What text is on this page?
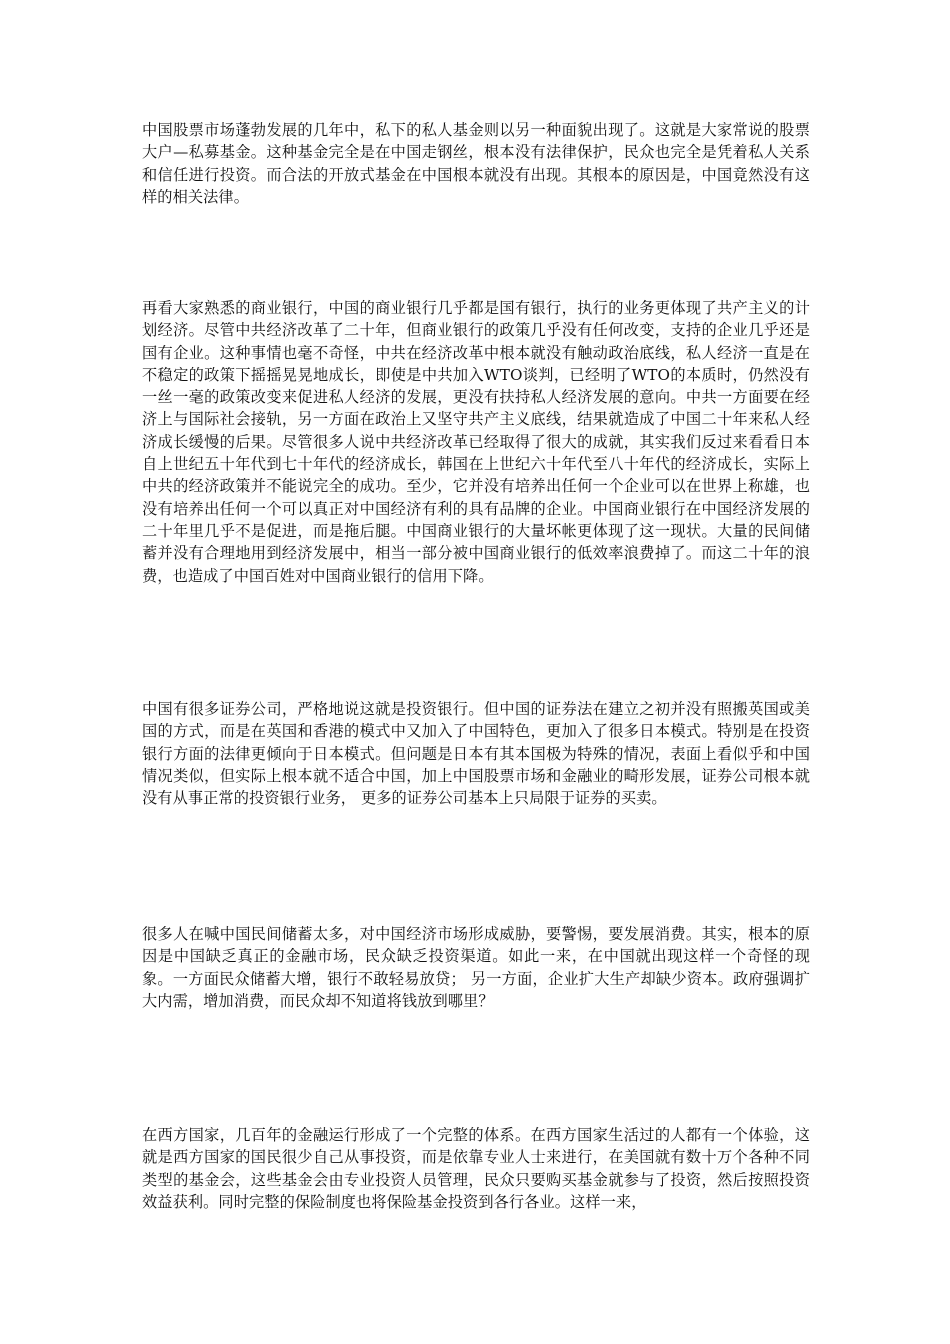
中国股票市场蓬勃发展的几年中，私下的私人基金则以另一种面貌出现了。这就是大家常说的股票大户—私募基金。这种基金完全是在中国走钢丝，根本没有法律保护，民众也完全是凭着私人关系和信任进行投资。而合法的开放式基金在中国根本就没有出现。其根本的原因是，中国竟然没有这样的相关法律。

再看大家熟悉的商业银行，中国的商业银行几乎都是国有银行，执行的业务更体现了共产主义的计划经济。尽管中共经济改革了二十年，但商业银行的政策几乎没有任何改变，支持的企业几乎还是国有企业。这种事情也毫不奇怪，中共在经济改革中根本就没有触动政治底线，私人经济一直是在不稳定的政策下摇摇晃晃地成长，即使是中共加入WTO谈判，已经明了WTO的本质时，仍然没有一丝一毫的政策改变来促进私人经济的发展，更没有扶持私人经济发展的意向。中共一方面要在经济上与国际社会接轨，另一方面在政治上又坚守共产主义底线，结果就造成了中国二十年来私人经济成长缓慢的后果。尽管很多人说中共经济改革已经取得了很大的成就，其实我们反过来看看日本自上世纪五十年代到七十年代的经济成长，韩国在上世纪六十年代至八十年代的经济成长，实际上中共的经济政策并不能说完全的成功。至少，它并没有培养出任何一个企业可以在世界上称雄，也没有培养出任何一个可以真正对中国经济有利的具有品牌的企业。中国商业银行在中国经济发展的二十年里几乎不是促进，而是拖后腿。中国商业银行的大量坏帐更体现了这一现状。大量的民间储蓄并没有合理地用到经济发展中，相当一部分被中国商业银行的低效率浪费掉了。而这二十年的浪费，也造成了中国百姓对中国商业银行的信用下降。

中国有很多证券公司，严格地说这就是投资银行。但中国的证券法在建立之初并没有照搬英国或美国的方式，而是在英国和香港的模式中又加入了中国特色，更加入了很多日本模式。特别是在投资银行方面的法律更倾向于日本模式。但问题是日本有其本国极为特殊的情况，表面上看似乎和中国情况类似，但实际上根本就不适合中国，加上中国股票市场和金融业的畸形发展，证券公司根本就没有从事正常的投资银行业务， 更多的证券公司基本上只局限于证券的买卖。

很多人在喊中国民间储蓄太多，对中国经济市场形成威胁，要警惕，要发展消费。其实，根本的原因是中国缺乏真正的金融市场，民众缺乏投资渠道。如此一来，在中国就出现这样一个奇怪的现象。一方面民众储蓄大增，银行不敢轻易放贷； 另一方面，企业扩大生产却缺少资本。政府强调扩大内需，增加消费，而民众却不知道将钱放到哪里？

在西方国家，几百年的金融运行形成了一个完整的体系。在西方国家生活过的人都有一个体验，这就是西方国家的国民很少自己从事投资，而是依靠专业人士来进行，在美国就有数十万个各种不同类型的基金会，这些基金会由专业投资人员管理，民众只要购买基金就参与了投资，然后按照投资效益获利。同时完整的保险制度也将保险基金投资到各行各业。这样一来，
